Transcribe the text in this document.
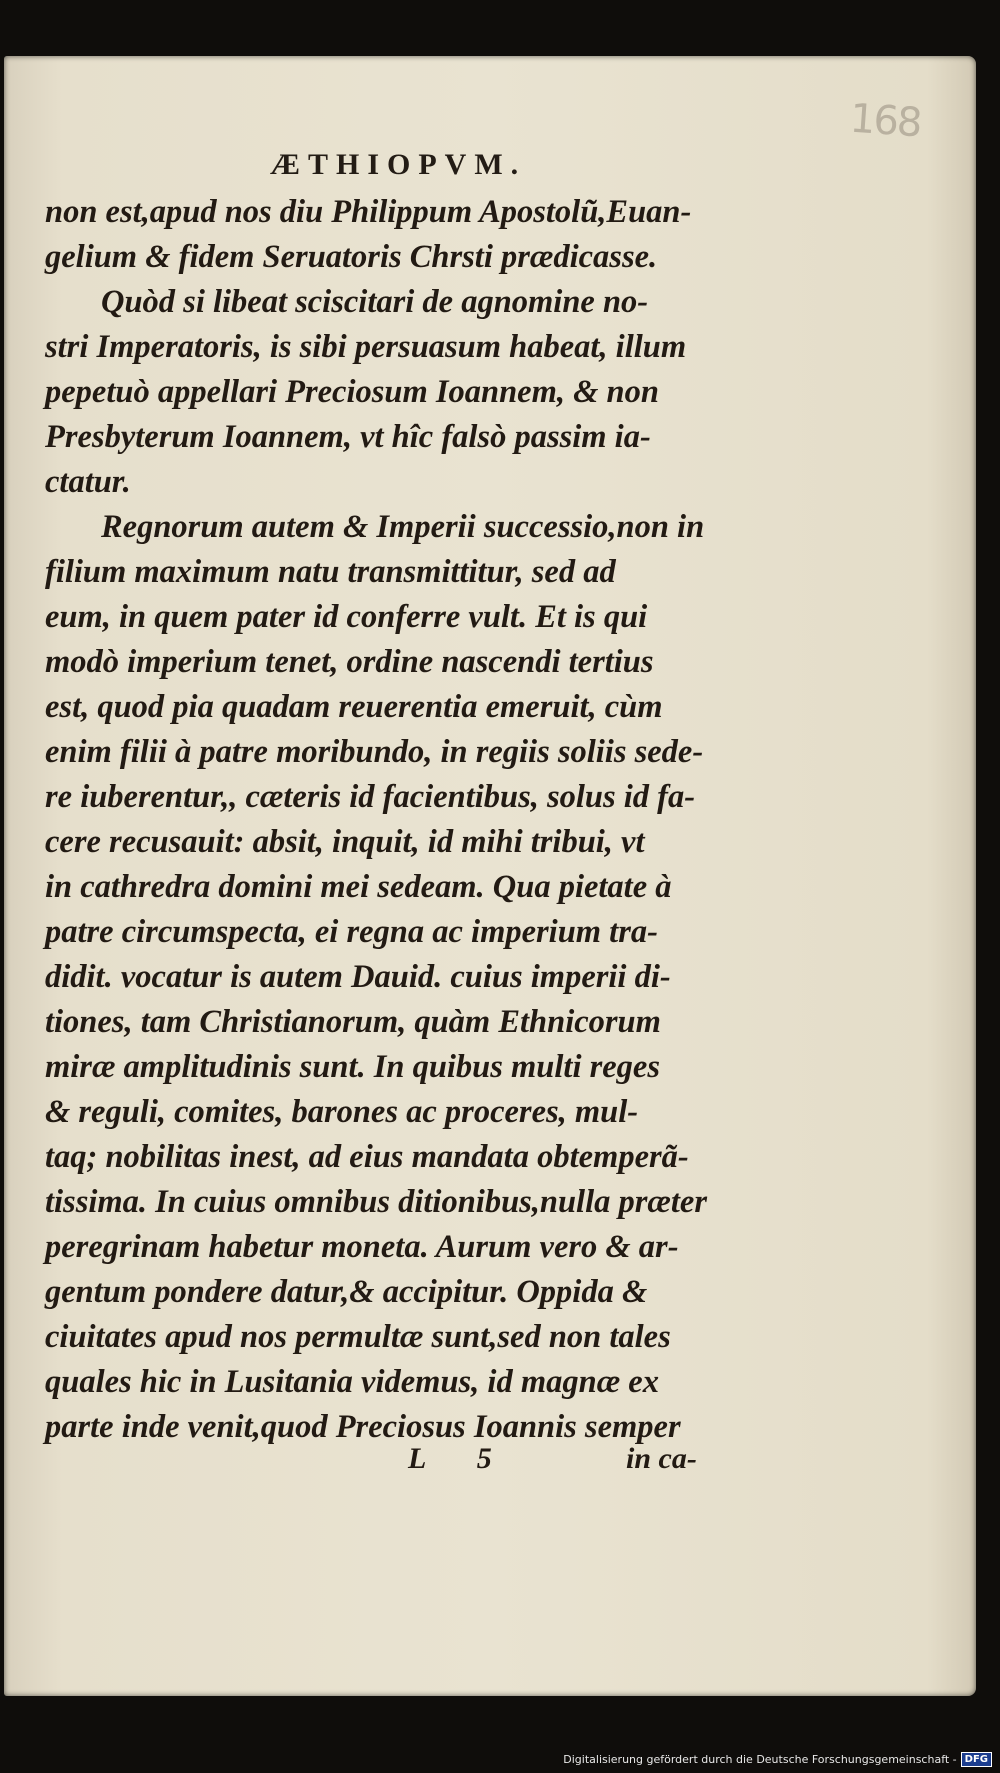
168
ÆTHIOPVM.
non est,apud nos diu Philippum Apostolũ,Euan-
gelium & fidem Seruatoris Chrsti prædicasse.
Quòd si libeat sciscitari de agnomine no-
stri Imperatoris, is sibi persuasum habeat, illum
pepetuò appellari Preciosum Ioannem, & non
Presbyterum Ioannem, vt hîc falsò passim ia-
ctatur.
Regnorum autem & Imperii successio,non in
filium maximum natu transmittitur, sed ad
eum, in quem pater id conferre vult. Et is qui
modò imperium tenet, ordine nascendi tertius
est, quod pia quadam reuerentia emeruit, cùm
enim filii à patre moribundo, in regiis soliis sede-
re iuberentur,, cæteris id facientibus, solus id fa-
cere recusauit: absit, inquit, id mihi tribui, vt
in cathredra domini mei sedeam. Qua pietate à
patre circumspecta, ei regna ac imperium tra-
didit. vocatur is autem Dauid. cuius imperii di-
tiones, tam Christianorum, quàm Ethnicorum
miræ amplitudinis sunt. In quibus multi reges
& reguli, comites, barones ac proceres, mul-
taq; nobilitas inest, ad eius mandata obtemperã-
tissima. In cuius omnibus ditionibus,nulla præter
peregrinam habetur moneta. Aurum vero & ar-
gentum pondere datur,& accipitur. Oppida &
ciuitates apud nos permultæ sunt,sed non tales
quales hic in Lusitania videmus, id magnæ ex
parte inde venit,quod Preciosus Ioannis semper
L 5	in ca-
Digitalisierung gefördert durch die Deutsche Forschungsgemeinschaft - DFG
